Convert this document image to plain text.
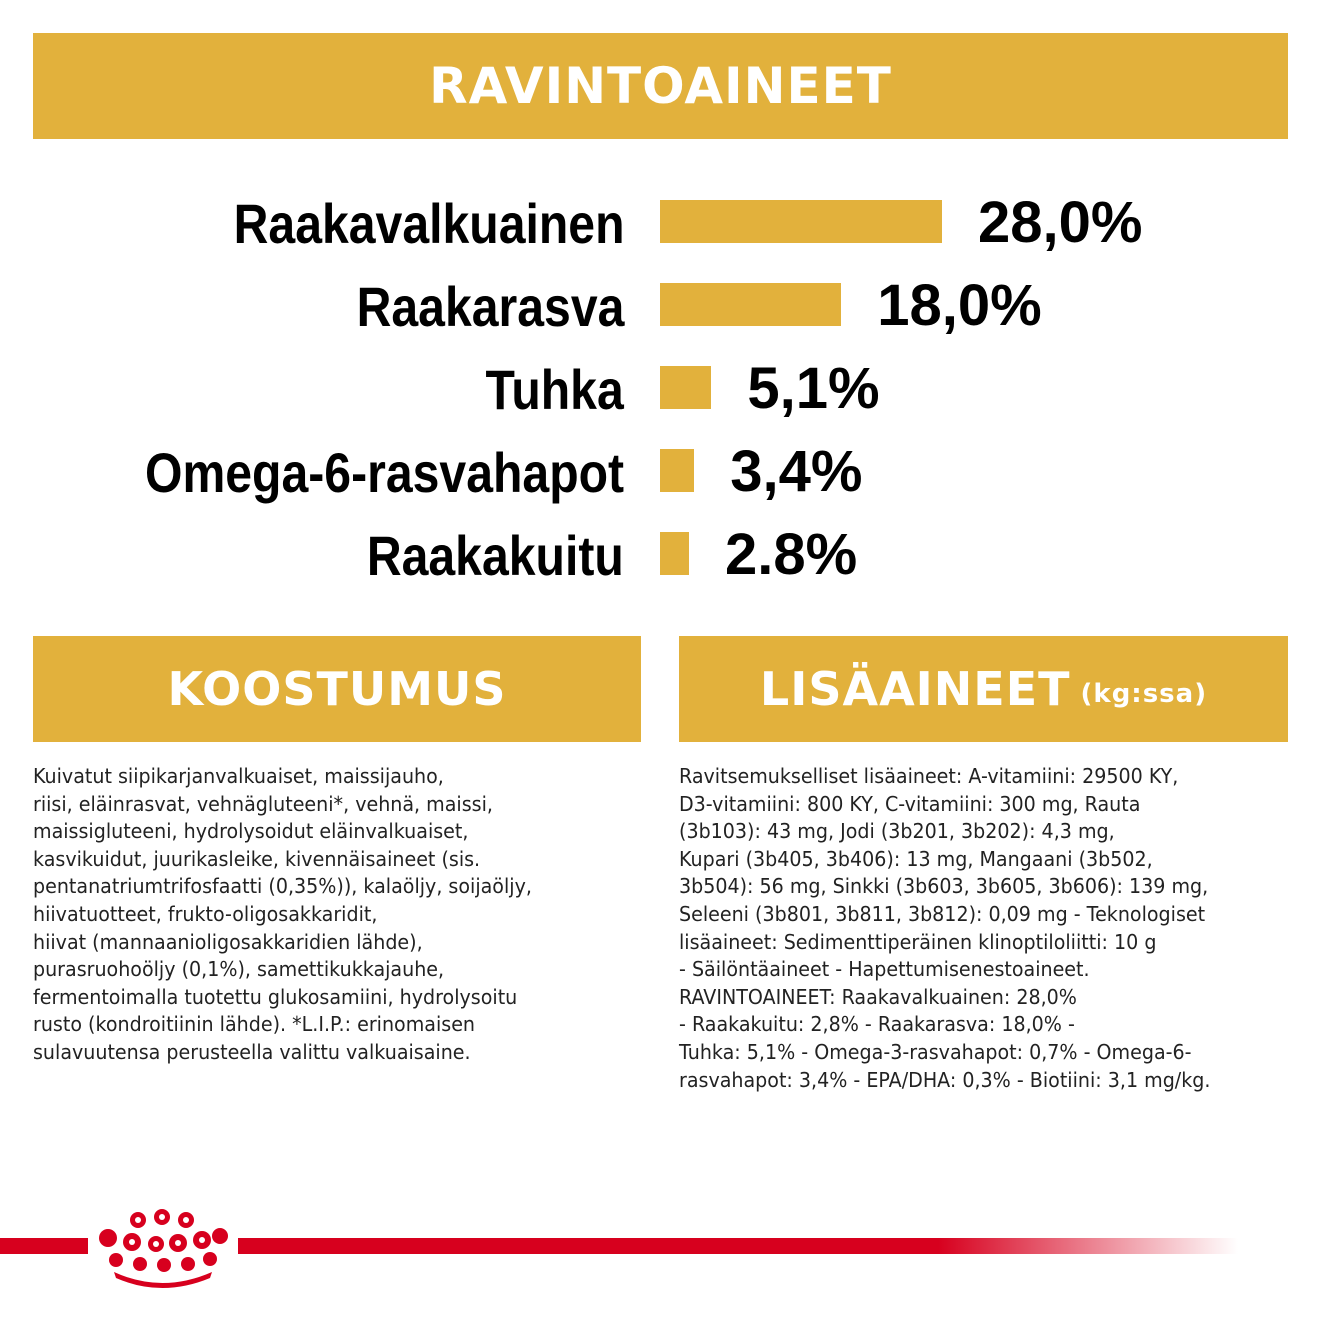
RAVINTOAINEET
Raakavalkuainen	28,0%
Raakarasva	18,0%
Tuhka 5,1%
Omega-6-rasvahapot 3,4%
Raakakuitu 2.8%
KOOSTUMUS
Kuivatut siipikarjanvalkuaiset, maissijauho,
riisi, eläinrasvat, vehnägluteeni*, vehnä, maissi,
maissigluteeni, hydrolysoidut eläinvalkuaiset,
kasvikuidut, juurikasleike, kivennäisaineet (sis.
pentanatriumtrifosfaatti (0,35%)), kalaöljy, soijaöljy,
hiivatuotteet, frukto-oligosakkaridit,
hiivat (mannaanioligosakkaridien lähde),
purasruohoöljy (0,1%), samettikukkajauhe,
fermentoimalla tuotettu glukosamiini, hydrolysoitu
rusto (kondroitiinin lähde). *L.I.P.: erinomaisen
sulavuutensa perusteella valittu valkuaisaine.
LISÄAINEET (kg:ssa)
Ravitsemukselliset lisäaineet: A-vitamiini: 29500 KY,
D3-vitamiini: 800 KY, C-vitamiini: 300 mg, Rauta
(3b103): 43 mg, Jodi (3b201, 3b202): 4,3 mg,
Kupari (3b405, 3b406): 13 mg, Mangaani (3b502,
3b504): 56 mg, Sinkki (3b603, 3b605, 3b606): 139 mg,
Seleeni (3b801, 3b811, 3b812): 0,09 mg - Teknologiset
lisäaineet: Sedimenttiperäinen klinoptiloliitti: 10 g
- Säilöntäaineet - Hapettumisenestoaineet.
RAVINTOAINEET: Raakavalkuainen: 28,0%
- Raakakuitu: 2,8% - Raakarasva: 18,0% -
Tuhka: 5,1% - Omega-3-rasvahapot: 0,7% - Omega-6-
rasvahapot: 3,4% - EPA/DHA: 0,3% - Biotiini: 3,1 mg/kg.
